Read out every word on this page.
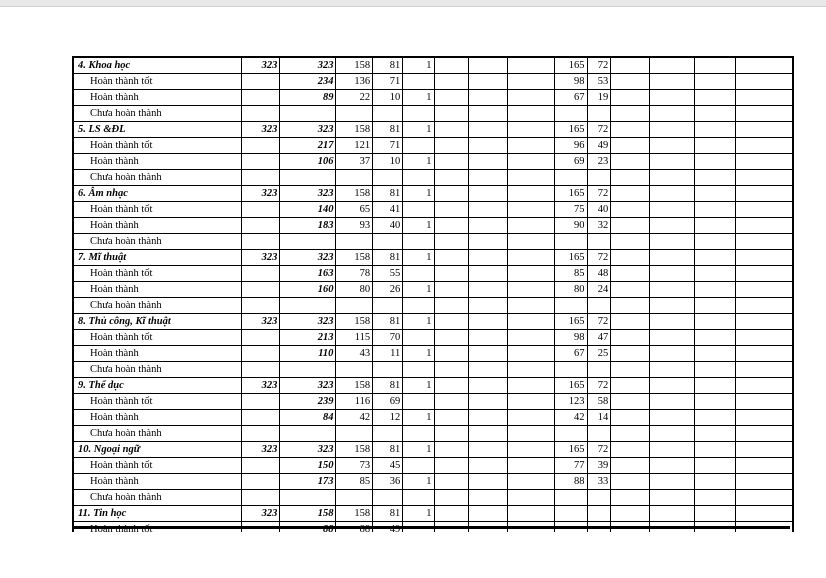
4. Khoa học	323	323	158	81	1				165	72				
Hoàn thành tốt		234	136	71					98	53				
Hoàn thành		89	22	10	1				67	19				
Chưa hoàn thành														
5. LS &ĐL	323	323	158	81	1				165	72				
Hoàn thành tốt		217	121	71					96	49				
Hoàn thành		106	37	10	1				69	23				
Chưa hoàn thành														
6. Âm nhạc	323	323	158	81	1				165	72				
Hoàn thành tốt		140	65	41					75	40				
Hoàn thành		183	93	40	1				90	32				
Chưa hoàn thành														
7. Mĩ thuật	323	323	158	81	1				165	72				
Hoàn thành tốt		163	78	55					85	48				
Hoàn thành		160	80	26	1				80	24				
Chưa hoàn thành														
8. Thủ công, Kĩ thuật	323	323	158	81	1				165	72				
Hoàn thành tốt		213	115	70					98	47				
Hoàn thành		110	43	11	1				67	25				
Chưa hoàn thành														
9. Thể dục	323	323	158	81	1				165	72				
Hoàn thành tốt		239	116	69					123	58				
Hoàn thành		84	42	12	1				42	14				
Chưa hoàn thành														
10. Ngoại ngữ	323	323	158	81	1				165	72				
Hoàn thành tốt		150	73	45					77	39				
Hoàn thành		173	85	36	1				88	33				
Chưa hoàn thành														
11. Tin học	323	158	158	81	1									
